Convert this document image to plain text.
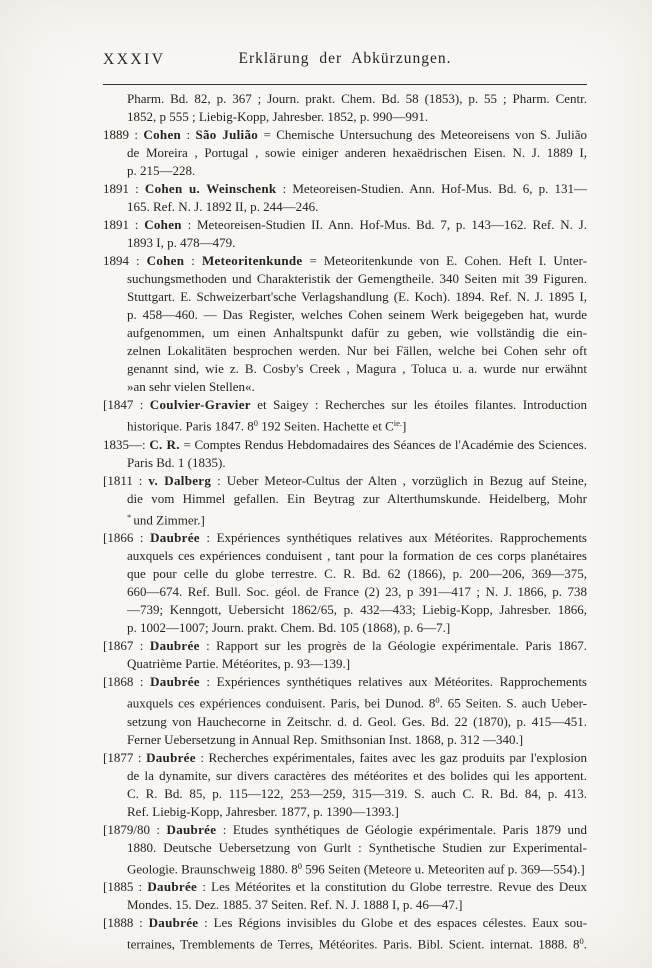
XXXIV	Erklärung der Abkürzungen.
Pharm. Bd. 82, p. 367 ; Journ. prakt. Chem. Bd. 58 (1853), p. 55 ; Pharm. Centr.
1852, p 555 ; Liebig-Kopp, Jahresber. 1852, p. 990—991.
1889 : Cohen : São Julião = Chemische Untersuchung des Meteoreisens von S. Julião
de Moreira , Portugal , sowie einiger anderen hexaëdrischen Eisen. N. J. 1889 I,
p. 215—228.
1891 : Cohen u. Weinschenk : Meteoreisen-Studien. Ann. Hof-Mus. Bd. 6, p. 131—
165. Ref. N. J. 1892 II, p. 244—246.
1891 : Cohen : Meteoreisen-Studien II. Ann. Hof-Mus. Bd. 7, p. 143—162. Ref. N. J.
1893 I, p. 478—479.
1894 : Cohen : Meteoritenkunde = Meteoritenkunde von E. Cohen. Heft I. Unter-
suchungsmethoden und Charakteristik der Gemengtheile. 340 Seiten mit 39 Figuren.
Stuttgart. E. Schweizerbart'sche Verlagshandlung (E. Koch). 1894. Ref. N. J. 1895 I,
p. 458—460. — Das Register, welches Cohen seinem Werk beigegeben hat, wurde
aufgenommen, um einen Anhaltspunkt dafür zu geben, wie vollständig die ein-
zelnen Lokalitäten besprochen werden. Nur bei Fällen, welche bei Cohen sehr oft
genannt sind, wie z. B. Cosby's Creek , Magura , Toluca u. a. wurde nur erwähnt
»an sehr vielen Stellen«.
[1847 : Coulvier-Gravier et Saigey : Recherches sur les étoiles filantes. Introduction
historique. Paris 1847. $8^0$ 192 Seiten. Hachette et $C^{ie.}$]
1835—: C. R. = Comptes Rendus Hebdomadaires des Séances de l'Académie des Sciences.
Paris Bd. 1 (1835).
[1811 : v. Dalberg : Ueber Meteor-Cultus der Alten , vorzüglich in Bezug auf Steine,
die vom Himmel gefallen. Ein Beytrag zur Alterthumskunde. Heidelberg, Mohr
* und Zimmer.]
[1866 : Daubrée : Expériences synthétiques relatives aux Météorites. Rapprochements
auxquels ces expériences conduisent , tant pour la formation de ces corps planétaires
que pour celle du globe terrestre. C. R. Bd. 62 (1866), p. 200—206, 369—375,
660—674. Ref. Bull. Soc. géol. de France (2) 23, p 391—417 ; N. J. 1866, p. 738
—739; Kenngott, Uebersicht 1862/65, p. 432—433; Liebig-Kopp, Jahresber. 1866,
p. 1002—1007; Journ. prakt. Chem. Bd. 105 (1868), p. 6—7.]
[1867 : Daubrée : Rapport sur les progrès de la Géologie expérimentale. Paris 1867.
Quatrième Partie. Météorites, p. 93—139.]
[1868 : Daubrée : Expériences synthétiques relatives aux Météorites. Rapprochements
auxquels ces expériences conduisent. Paris, bei Dunod. $8^0$. 65 Seiten. S. auch Ueber-
setzung von Hauchecorne in Zeitschr. d. d. Geol. Ges. Bd. 22 (1870), p. 415—451.
Ferner Uebersetzung in Annual Rep. Smithsonian Inst. 1868, p. 312 —340.]
[1877 : Daubrée : Recherches expérimentales, faites avec les gaz produits par l'explosion
de la dynamite, sur divers caractères des météorites et des bolides qui les apportent.
C. R. Bd. 85, p. 115—122, 253—259, 315—319. S. auch C. R. Bd. 84, p. 413.
Ref. Liebig-Kopp, Jahresber. 1877, p. 1390—1393.]
[1879/80 : Daubrée : Etudes synthétiques de Géologie expérimentale. Paris 1879 und
1880. Deutsche Uebersetzung von Gurlt : Synthetische Studien zur Experimental-
Geologie. Braunschweig 1880. $8^0$ 596 Seiten (Meteore u. Meteoriten auf p. 369—554).]
[1885 : Daubrée : Les Météorites et la constitution du Globe terrestre. Revue des Deux
Mondes. 15. Dez. 1885. 37 Seiten. Ref. N. J. 1888 I, p. 46—47.]
[1888 : Daubrée : Les Régions invisibles du Globe et des espaces célestes. Eaux sou-
terraines, Tremblements de Terres, Météorites. Paris. Bibl. Scient. internat. 1888. $8^0$.
